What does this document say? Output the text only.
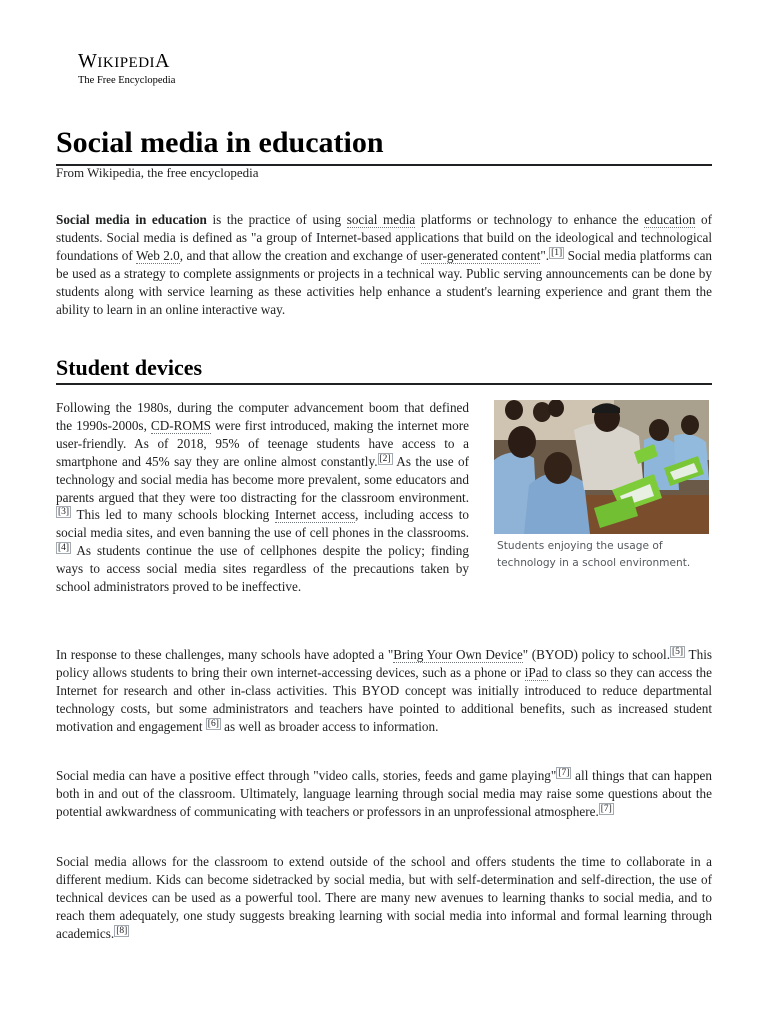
WIKIPEDIA
The Free Encyclopedia
Social media in education
From Wikipedia, the free encyclopedia

Social media in education is the practice of using social media platforms or technology to enhance the education of students. Social media is defined as "a group of Internet-based applications that build on the ideological and technological foundations of Web 2.0, and that allow the creation and exchange of user-generated content". [1] Social media platforms can be used as a strategy to complete assignments or projects in a technical way. Public serving announcements can be done by students along with service learning as these activities help enhance a student's learning experience and grant them the ability to learn in an online interactive way.

Student devices

Following the 1980s, during the computer advancement boom that defined the 1990s-2000s, CD-ROMS were first introduced, making the internet more user-friendly. As of 2018, 95% of teenage students have access to a smartphone and 45% say they are online almost constantly. [2] As the use of technology and social media has become more prevalent, some educators and parents argued that they were too distracting for the classroom environment.[3] This led to many schools blocking Internet access, including access to social media sites, and even banning the use of cell phones in the classrooms.[4] As students continue the use of cellphones despite the policy; finding ways to access social media sites regardless of the precautions taken by school administrators proved to be ineffective.

Students enjoying the usage of technology in a school environment.

In response to these challenges, many schools have adopted a "Bring Your Own Device" (BYOD) policy to school. [5] This policy allows students to bring their own internet-accessing devices, such as a phone or iPad to class so they can access the Internet for research and other in-class activities. This BYOD concept was initially introduced to reduce departmental technology costs, but some administrators and teachers have pointed to additional benefits, such as increased student motivation and engagement [6] as well as broader access to information.

Social media can have a positive effect through "video calls, stories, feeds and game playing" [7] all things that can happen both in and out of the classroom. Ultimately, language learning through social media may raise some questions about the potential awkwardness of communicating with teachers or professors in an unprofessional atmosphere. [7]

Social media allows for the classroom to extend outside of the school and offers students the time to collaborate in a different medium. Kids can become sidetracked by social media, but with self-determination and self-direction, the use of technical devices can be used as a powerful tool. There are many new avenues to learning thanks to social media, and to reach them adequately, one study suggests breaking learning with social media into informal and formal learning through academics. [8]
